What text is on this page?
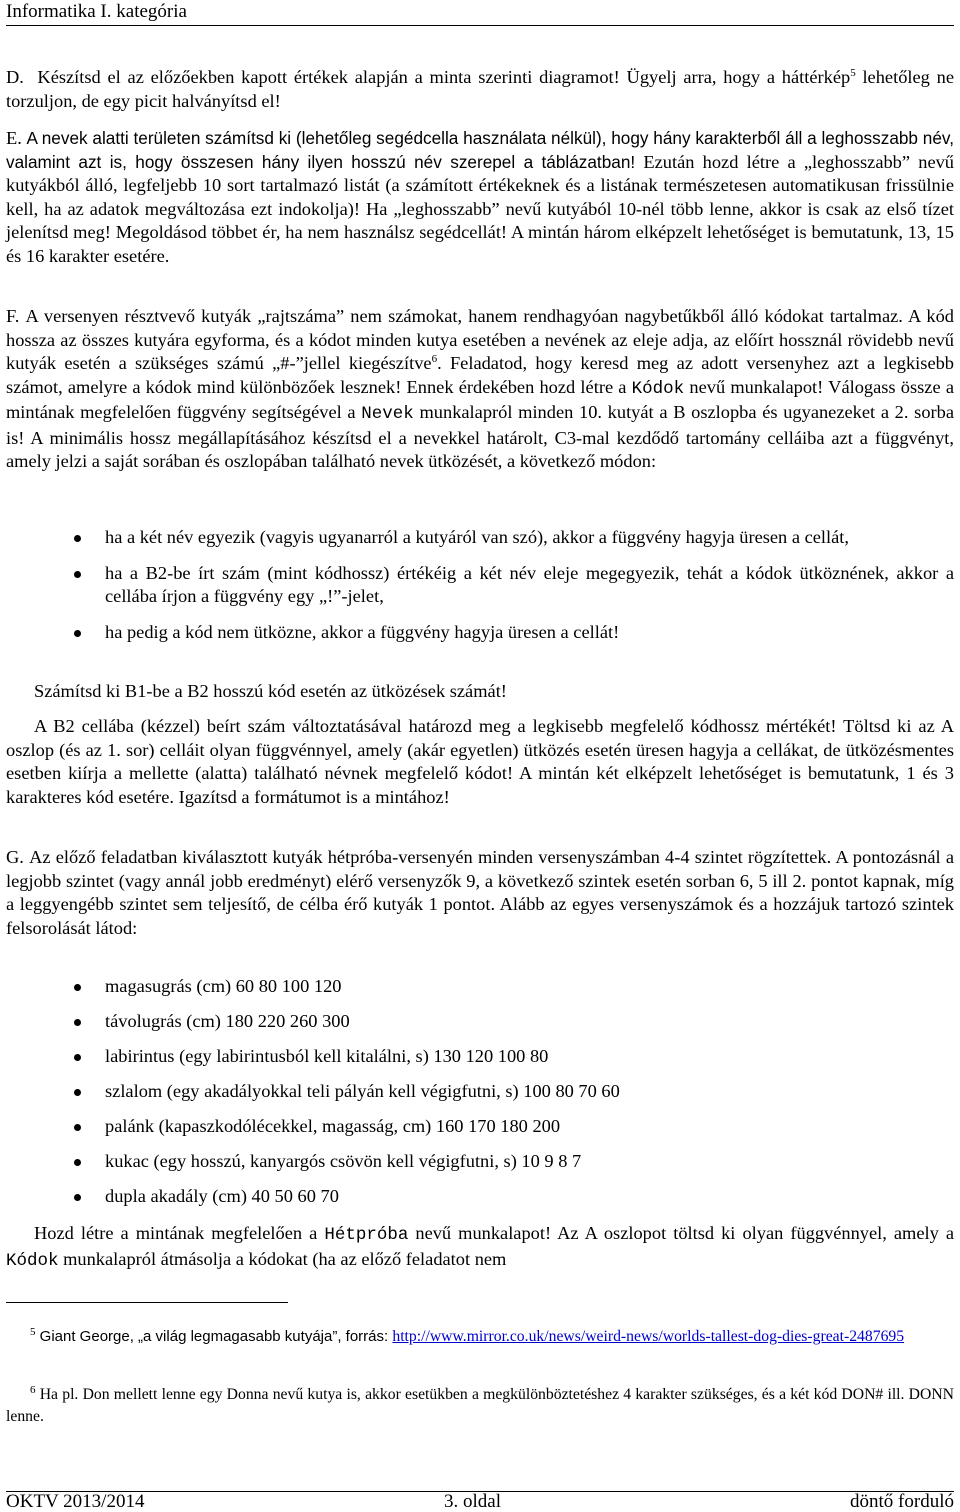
Informatika I. kategória

D. Készítsd el az előzőekben kapott értékek alapján a minta szerinti diagramot! Ügyelj arra, hogy a háttérkép$^5$ lehetőleg ne torzuljon, de egy picit halványítsd el!

E. A nevek alatti területen számítsd ki (lehetőleg segédcella használata nélkül), hogy hány karakterből áll a leghosszabb név, valamint azt is, hogy összesen hány ilyen hosszú név szerepel a táblázatban! Ezután hozd létre a „leghosszabb” nevű kutyákból álló, legfeljebb 10 sort tartalmazó listát (a számított értékeknek és a listának természetesen automatikusan frissülnie kell, ha az adatok megváltozása ezt indokolja)! Ha „leghosszabb” nevű kutyából 10-nél több lenne, akkor is csak az első tízet jelenítsd meg! Megoldásod többet ér, ha nem használsz segédcellát! A mintán három elképzelt lehetőséget is bemutatunk, 13, 15 és 16 karakter esetére.

F. A versenyen résztvevő kutyák „rajtszáma” nem számokat, hanem rendhagyóan nagybetűkből álló kódokat tartalmaz. A kód hossza az összes kutyára egyforma, és a kódot minden kutya esetében a nevének az eleje adja, az előírt hossznál rövidebb nevű kutyák esetén a szükséges számú „#-”jellel kiegészítve$^6$. Feladatod, hogy keresd meg az adott versenyhez azt a legkisebb számot, amelyre a kódok mind különbözőek lesznek! Ennek érdekében hozd létre a Kódok nevű munkalapot! Válogass össze a mintának megfelelően függvény segítségével a Nevek munkalapról minden 10. kutyát a B oszlopba és ugyanezeket a 2. sorba is! A minimális hossz megállapításához készítsd el a nevekkel határolt, C3-mal kezdődő tartomány celláiba azt a függvényt, amely jelzi a saját sorában és oszlopában található nevek ütközését, a következő módon:

ha a két név egyezik (vagyis ugyanarról a kutyáról van szó), akkor a függvény hagyja üresen a cellát,
ha a B2-be írt szám (mint kódhossz) értékéig a két név eleje megegyezik, tehát a kódok ütköznének, akkor a cellába írjon a függvény egy „!”-jelet,
ha pedig a kód nem ütközne, akkor a függvény hagyja üresen a cellát!

Számítsd ki B1-be a B2 hosszú kód esetén az ütközések számát!

A B2 cellába (kézzel) beírt szám változtatásával határozd meg a legkisebb megfelelő kódhossz mértékét! Töltsd ki az A oszlop (és az 1. sor) celláit olyan függvénnyel, amely (akár egyetlen) ütközés esetén üresen hagyja a cellákat, de ütközésmentes esetben kiírja a mellette (alatta) található névnek megfelelő kódot! A mintán két elképzelt lehetőséget is bemutatunk, 1 és 3 karakteres kód esetére. Igazítsd a formátumot is a mintához!

G. Az előző feladatban kiválasztott kutyák hétpróba-versenyén minden versenyszámban 4-4 szintet rögzítettek. A pontozásnál a legjobb szintet (vagy annál jobb eredményt) elérő versenyzők 9, a következő szintek esetén sorban 6, 5 ill 2. pontot kapnak, míg a leggyengébb szintet sem teljesítő, de célba érő kutyák 1 pontot. Alább az egyes versenyszámok és a hozzájuk tartozó szintek felsorolását látod:

magasugrás (cm) 60 80 100 120
távolugrás (cm) 180 220 260 300
labirintus (egy labirintusból kell kitalálni, s) 130 120 100 80
szlalom (egy akadályokkal teli pályán kell végigfutni, s) 100 80 70 60
palánk (kapaszkodólécekkel, magasság, cm) 160 170 180 200
kukac (egy hosszú, kanyargós csövön kell végigfutni, s) 10 9 8 7
dupla akadály (cm) 40 50 60 70

Hozd létre a mintának megfelelően a Hétpróba nevű munkalapot! Az A oszlopot töltsd ki olyan függvénnyel, amely a Kódok munkalapról átmásolja a kódokat (ha az előző feladatot nem

$^5$ Giant George, „a világ legmagasabb kutyája”, forrás: http://www.mirror.co.uk/news/weird-news/worlds-tallest-dog-dies-great-2487695

$^6$ Ha pl. Don mellett lenne egy Donna nevű kutya is, akkor esetükben a megkülönböztetéshez 4 karakter szükséges, és a két kód DON# ill. DONN lenne.

OKTV 2013/2014	3. oldal	döntő forduló
